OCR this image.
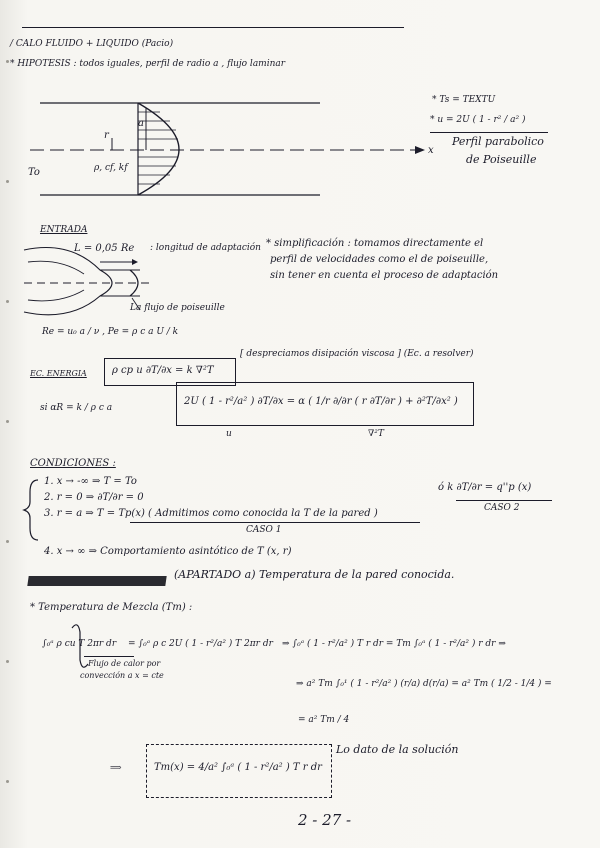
/ CALO FLUIDO + LIQUIDO (Pacio)
* HIPOTESIS : todos iguales, perfil de radio a , flujo laminar
a
r
To	ρ, cf, kf
x
* Ts = TEXTU
* u = 2U ( 1 - r² / a² )
Perfil parabolico
de Poiseuille
ENTRADA
L = 0,05 Re : longitud de adaptación
La flujo de poiseuille
Re = u₀ a / ν , Pe = ρ c a U / k
* simplificación : tomamos directamente el
perfil de velocidades como el de poiseuille,
sin tener en cuenta el proceso de adaptación
EC. ENERGIA	ρ cp u ∂T/∂x = k ∇²T
[ despreciamos disipación viscosa ] (Ec. a resolver)
si αR = k / ρ c a
2U ( 1 - r²/a² ) ∂T/∂x = α ( 1/r ∂/∂r ( r ∂T/∂r ) + ∂²T/∂x² )
u	∇²T
CONDICIONES :
1. x → -∞ ⇒ T = To
2. r = 0 ⇒ ∂T/∂r = 0
3. r = a ⇒ T = Tp(x) ( Admitimos como conocida la T de la pared )
ó k ∂T/∂r = q''p (x)
CASO 1
CASO 2
4. x → ∞ ⇒ Comportamiento asintótico de T (x, r)
(APARTADO a) Temperatura de la pared conocida.
* Temperatura de Mezcla (Tm) :
∫₀ᵃ ρ cu T 2πr dr = ∫₀ᵃ ρ c 2U ( 1 - r²/a² ) T 2πr dr ⇒ ∫₀ᵃ ( 1 - r²/a² ) T r dr = Tm ∫₀ᵃ ( 1 - r²/a² ) r dr ⇒
Flujo de calor por
convección a x = cte
⇒ a² Tm ∫₀¹ ( 1 - r²/a² ) (r/a) d(r/a) = a² Tm ( 1/2 - 1/4 ) =
= a² Tm / 4
⟹	Tm(x) = 4/a² ∫₀ᵃ ( 1 - r²/a² ) T r dr
Lo dato de la solución
2 - 27 -
